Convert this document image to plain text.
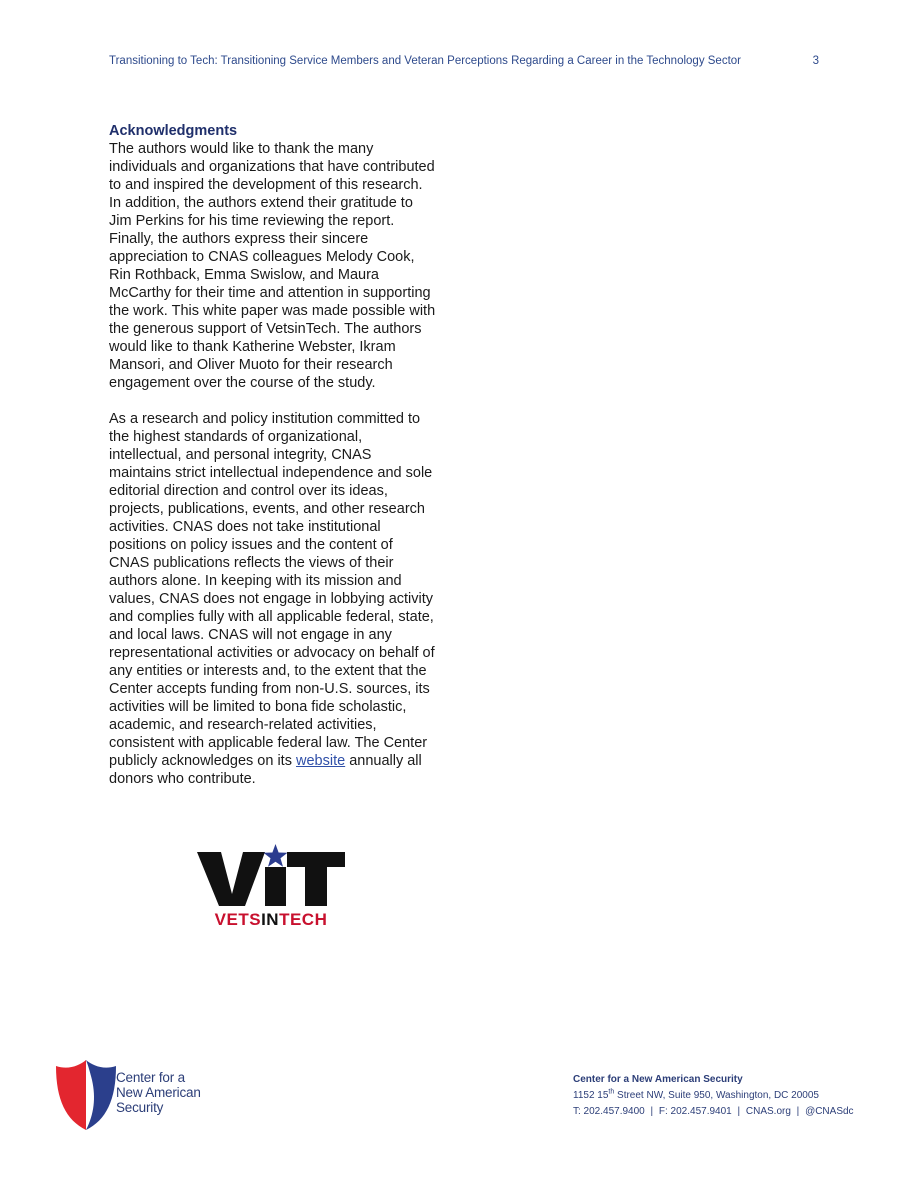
Transitioning to Tech: Transitioning Service Members and Veteran Perceptions Regarding a Career in the Technology Sector	3
Acknowledgments

The authors would like to thank the many individuals and organizations that have contributed to and inspired the development of this research. In addition, the authors extend their gratitude to Jim Perkins for his time reviewing the report. Finally, the authors express their sincere appreciation to CNAS colleagues Melody Cook, Rin Rothback, Emma Swislow, and Maura McCarthy for their time and attention in supporting the work. This white paper was made possible with the generous support of VetsinTech. The authors would like to thank Katherine Webster, Ikram Mansori, and Oliver Muoto for their research engagement over the course of the study.

As a research and policy institution committed to the highest standards of organizational, intellectual, and personal integrity, CNAS maintains strict intellectual independence and sole editorial direction and control over its ideas, projects, publications, events, and other research activities. CNAS does not take institutional positions on policy issues and the content of CNAS publications reflects the views of their authors alone. In keeping with its mission and values, CNAS does not engage in lobbying activity and complies fully with all applicable federal, state, and local laws. CNAS will not engage in any representational activities or advocacy on behalf of any entities or interests and, to the extent that the Center accepts funding from non-U.S. sources, its activities will be limited to bona fide scholastic, academic, and research-related activities, consistent with applicable federal law. The Center publicly acknowledges on its website annually all donors who contribute.

VETSINTECH
Center for a
New American
Security
Center for a New American Security
1152 15th Street NW, Suite 950, Washington, DC 20005
T: 202.457.9400 | F: 202.457.9401 | CNAS.org | @CNASdc
